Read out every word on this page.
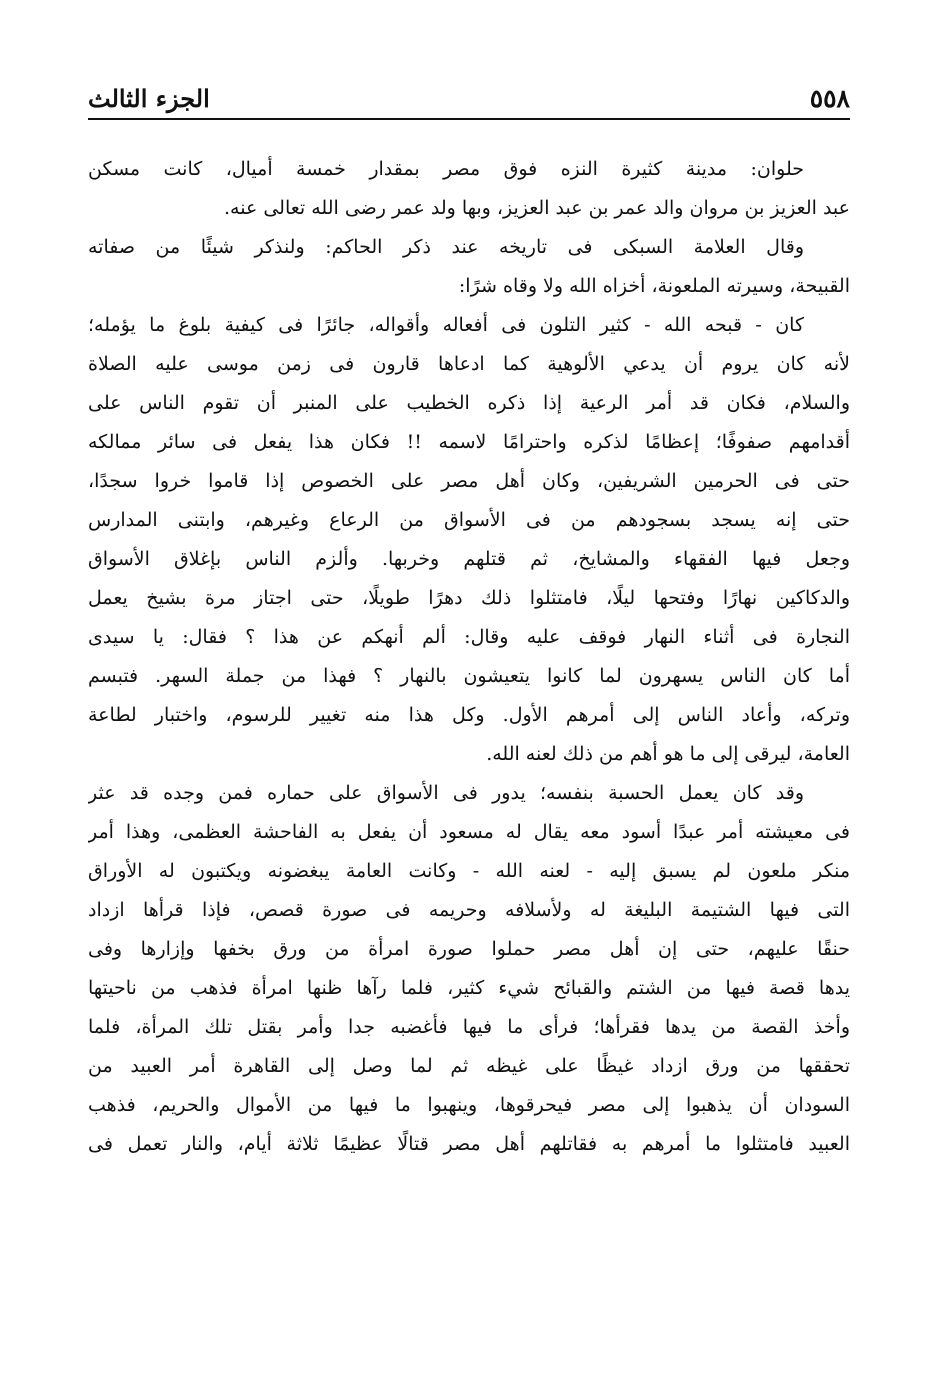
٥٥٨
الجزء الثالث
حلوان: مدينة كثيرة النزه فوق مصر بمقدار خمسة أميال، كانت مسكن
عبد العزيز بن مروان والد عمر بن عبد العزيز، وبها ولد عمر رضى الله تعالى عنه.
وقال العلامة السبكى فى تاريخه عند ذكر الحاكم: ولنذكر شيئًا من صفاته
القبيحة، وسيرته الملعونة، أخزاه الله ولا وقاه شرًا:
كان - قبحه الله - كثير التلون فى أفعاله وأقواله، جائرًا فى كيفية بلوغ ما يؤمله؛
لأنه كان يروم أن يدعي الألوهية كما ادعاها قارون فى زمن موسى عليه الصلاة
والسلام، فكان قد أمر الرعية إذا ذكره الخطيب على المنبر أن تقوم الناس على
أقدامهم صفوفًا؛ إعظامًا لذكره واحترامًا لاسمه !! فكان هذا يفعل فى سائر ممالكه
حتى فى الحرمين الشريفين، وكان أهل مصر على الخصوص إذا قاموا خروا سجدًا،
حتى إنه يسجد بسجودهم من فى الأسواق من الرعاع وغيرهم، وابتنى المدارس
وجعل فيها الفقهاء والمشايخ، ثم قتلهم وخربها. وألزم الناس بإغلاق الأسواق
والدكاكين نهارًا وفتحها ليلًا، فامتثلوا ذلك دهرًا طويلًا، حتى اجتاز مرة بشيخ يعمل
النجارة فى أثناء النهار فوقف عليه وقال: ألم أنهكم عن هذا ؟ فقال: يا سيدى
أما كان الناس يسهرون لما كانوا يتعيشون بالنهار ؟ فهذا من جملة السهر. فتبسم
وتركه، وأعاد الناس إلى أمرهم الأول. وكل هذا منه تغيير للرسوم، واختبار لطاعة
العامة، ليرقى إلى ما هو أهم من ذلك لعنه الله.
وقد كان يعمل الحسبة بنفسه؛ يدور فى الأسواق على حماره فمن وجده قد عثر
فى معيشته أمر عبدًا أسود معه يقال له مسعود أن يفعل به الفاحشة العظمى، وهذا أمر
منكر ملعون لم يسبق إليه - لعنه الله - وكانت العامة يبغضونه ويكتبون له الأوراق
التى فيها الشتيمة البليغة له ولأسلافه وحريمه فى صورة قصص، فإذا قرأها ازداد
حنقًا عليهم، حتى إن أهل مصر حملوا صورة امرأة من ورق بخفها وإزارها وفى
يدها قصة فيها من الشتم والقبائح شيء كثير، فلما رآها ظنها امرأة فذهب من ناحيتها
وأخذ القصة من يدها فقرأها؛ فرأى ما فيها فأغضبه جدا وأمر بقتل تلك المرأة، فلما
تحققها من ورق ازداد غيظًا على غيظه ثم لما وصل إلى القاهرة أمر العبيد من
السودان أن يذهبوا إلى مصر فيحرقوها، وينهبوا ما فيها من الأموال والحريم، فذهب
العبيد فامتثلوا ما أمرهم به فقاتلهم أهل مصر قتالًا عظيمًا ثلاثة أيام، والنار تعمل فى
